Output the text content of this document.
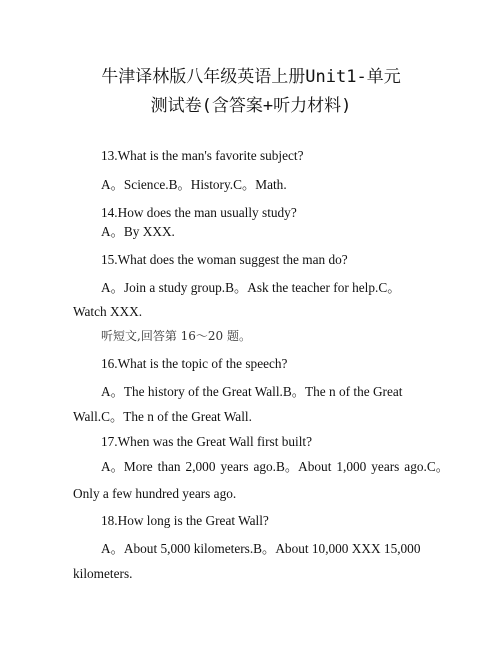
牛津译林版八年级英语上册Unit1-单元
测试卷(含答案+听力材料)
13.What is the man's favorite subject?
A。Science.B。History.C。Math.
14.How does the man usually study?
A。By XXX.
15.What does the woman suggest the man do?
A。Join a study group.B。Ask the teacher for help.C。
Watch XXX.
听短文,回答第 16～20 题。
16.What is the topic of the speech?
A。The history of the Great Wall.B。The n of the Great
Wall.C。The n of the Great Wall.
17.When was the Great Wall first built?
A。More than 2,000 years ago.B。About 1,000 years ago.C。
Only a few hundred years ago.
18.How long is the Great Wall?
A。About 5,000 kilometers.B。About 10,000 XXX 15,000
kilometers.
